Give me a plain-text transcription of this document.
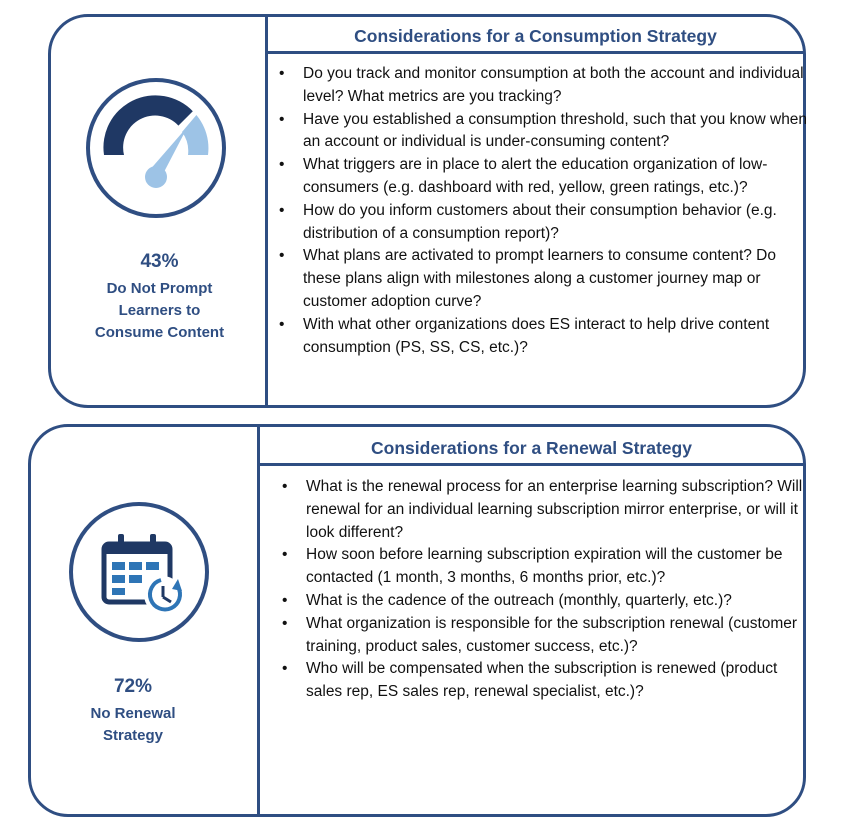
43%
Do Not Prompt
Learners to
Consume Content
Considerations for a Consumption Strategy
• Do you track and monitor consumption at both the account and individual level? What metrics are you tracking?
• Have you established a consumption threshold, such that you know when an account or individual is under-consuming content?
• What triggers are in place to alert the education organization of low-consumers (e.g. dashboard with red, yellow, green ratings, etc.)?
• How do you inform customers about their consumption behavior (e.g. distribution of a consumption report)?
• What plans are activated to prompt learners to consume content? Do these plans align with milestones along a customer journey map or customer adoption curve?
• With what other organizations does ES interact to help drive content consumption (PS, SS, CS, etc.)?
72%
No Renewal
Strategy
Considerations for a Renewal Strategy
• What is the renewal process for an enterprise learning subscription? Will renewal for an individual learning subscription mirror enterprise, or will it look different?
• How soon before learning subscription expiration will the customer be contacted (1 month, 3 months, 6 months prior, etc.)?
• What is the cadence of the outreach (monthly, quarterly, etc.)?
• What organization is responsible for the subscription renewal (customer training, product sales, customer success, etc.)?
• Who will be compensated when the subscription is renewed (product sales rep, ES sales rep, renewal specialist, etc.)?
